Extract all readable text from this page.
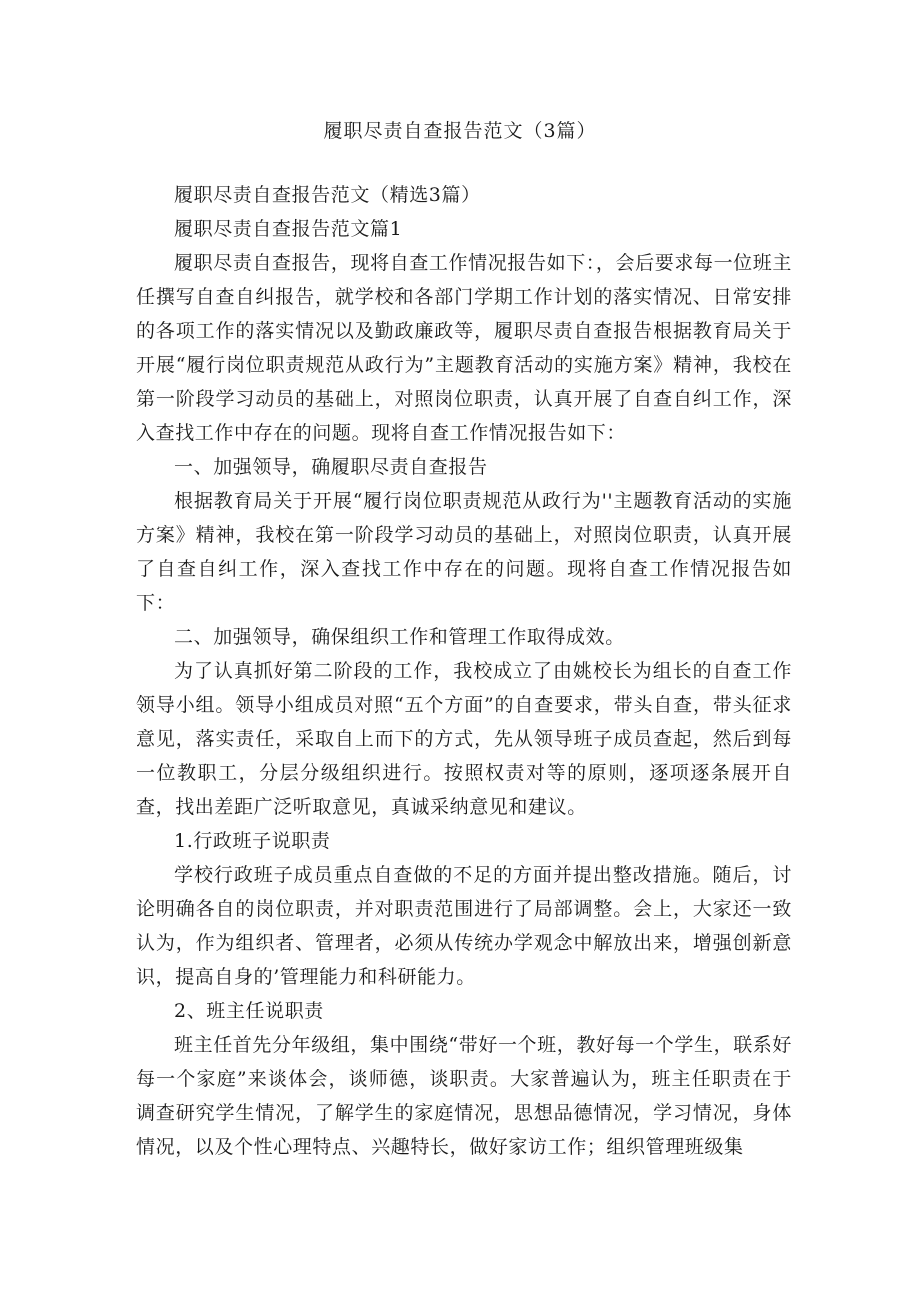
履职尽责自查报告范文（3篇）

履职尽责自查报告范文（精选3篇）

履职尽责自查报告范文篇1

履职尽责自查报告，现将自查工作情况报告如下：，会后要求每一位班主任撰写自查自纠报告，就学校和各部门学期工作计划的落实情况、日常安排的各项工作的落实情况以及勤政廉政等，履职尽责自查报告根据教育局关于开展“履行岗位职责规范从政行为”主题教育活动的实施方案》精神，我校在第一阶段学习动员的基础上，对照岗位职责，认真开展了自查自纠工作，深入查找工作中存在的问题。现将自查工作情况报告如下：

一、加强领导，确履职尽责自查报告

根据教育局关于开展“履行岗位职责规范从政行为''主题教育活动的实施方案》精神，我校在第一阶段学习动员的基础上，对照岗位职责，认真开展了自查自纠工作，深入查找工作中存在的问题。现将自查工作情况报告如下：

二、加强领导，确保组织工作和管理工作取得成效。

为了认真抓好第二阶段的工作，我校成立了由姚校长为组长的自查工作领导小组。领导小组成员对照“五个方面”的自查要求，带头自查，带头征求意见，落实责任，采取自上而下的方式，先从领导班子成员查起，然后到每一位教职工，分层分级组织进行。按照权责对等的原则，逐项逐条展开自查，找出差距广泛听取意见，真诚采纳意见和建议。

1.行政班子说职责

学校行政班子成员重点自查做的不足的方面并提出整改措施。随后，讨论明确各自的岗位职责，并对职责范围进行了局部调整。会上，大家还一致认为，作为组织者、管理者，必须从传统办学观念中解放出来，增强创新意识，提高自身的’管理能力和科研能力。

2、班主任说职责

班主任首先分年级组，集中围绕“带好一个班，教好每一个学生，联系好每一个家庭”来谈体会，谈师德，谈职责。大家普遍认为，班主任职责在于调查研究学生情况，了解学生的家庭情况，思想品德情况，学习情况，身体情况，以及个性心理特点、兴趣特长，做好家访工作；组织管理班级集
